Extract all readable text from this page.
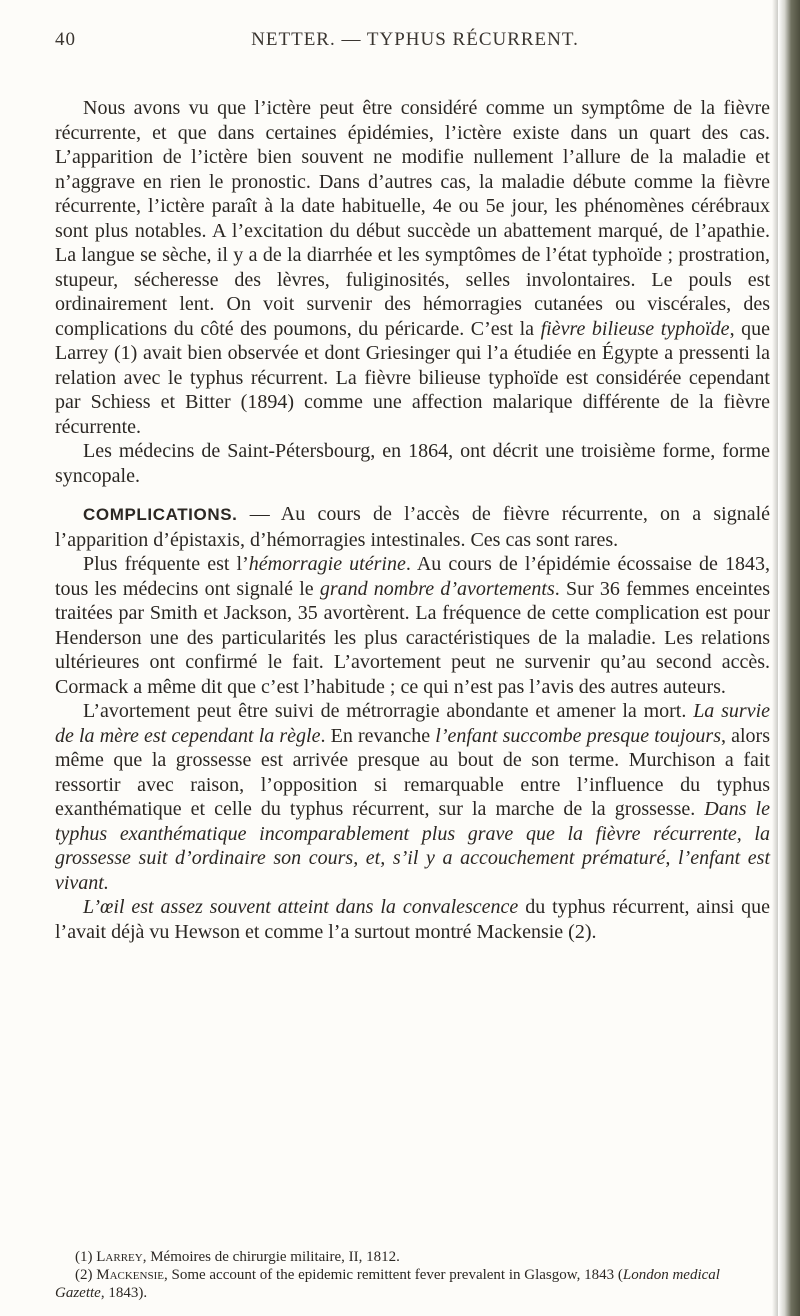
40	NETTER. — TYPHUS RÉCURRENT.

Nous avons vu que l’ictère peut être considéré comme un symptôme de la fièvre récurrente, et que dans certaines épidémies, l’ictère existe dans un quart des cas. L’apparition de l’ictère bien souvent ne modifie nullement l’allure de la maladie et n’aggrave en rien le pronostic. Dans d’autres cas, la maladie débute comme la fièvre récurrente, l’ictère paraît à la date habituelle, 4e ou 5e jour, les phénomènes cérébraux sont plus notables. A l’excitation du début succède un abattement marqué, de l’apathie. La langue se sèche, il y a de la diarrhée et les symptômes de l’état typhoïde ; prostration, stupeur, sécheresse des lèvres, fuliginosités, selles involontaires. Le pouls est ordinairement lent. On voit survenir des hémorragies cutanées ou viscérales, des complications du côté des poumons, du péricarde. C’est la fièvre bilieuse typhoïde, que Larrey (1) avait bien observée et dont Griesinger qui l’a étudiée en Égypte a pressenti la relation avec le typhus récurrent. La fièvre bilieuse typhoïde est considérée cependant par Schiess et Bitter (1894) comme une affection malarique différente de la fièvre récurrente.

Les médecins de Saint-Pétersbourg, en 1864, ont décrit une troisième forme, forme syncopale.

COMPLICATIONS. — Au cours de l’accès de fièvre récurrente, on a signalé l’apparition d’épistaxis, d’hémorragies intestinales. Ces cas sont rares.

Plus fréquente est l’hémorragie utérine. Au cours de l’épidémie écossaise de 1843, tous les médecins ont signalé le grand nombre d’avortements. Sur 36 femmes enceintes traitées par Smith et Jackson, 35 avortèrent. La fréquence de cette complication est pour Henderson une des particularités les plus caractéristiques de la maladie. Les relations ultérieures ont confirmé le fait. L’avortement peut ne survenir qu’au second accès. Cormack a même dit que c’est l’habitude ; ce qui n’est pas l’avis des autres auteurs.

L’avortement peut être suivi de métrorragie abondante et amener la mort. La survie de la mère est cependant la règle. En revanche l’enfant succombe presque toujours, alors même que la grossesse est arrivée presque au bout de son terme. Murchison a fait ressortir avec raison, l’opposition si remarquable entre l’influence du typhus exanthématique et celle du typhus récurrent, sur la marche de la grossesse. Dans le typhus exanthématique incomparablement plus grave que la fièvre récurrente, la grossesse suit d’ordinaire son cours, et, s’il y a accouchement prématuré, l’enfant est vivant.

L’œil est assez souvent atteint dans la convalescence du typhus récurrent, ainsi que l’avait déjà vu Hewson et comme l’a surtout montré Mackensie (2).

(1) Larrey, Mémoires de chirurgie militaire, II, 1812.

(2) Mackensie, Some account of the epidemic remittent fever prevalent in Glasgow, 1843 (London medical Gazette, 1843).
